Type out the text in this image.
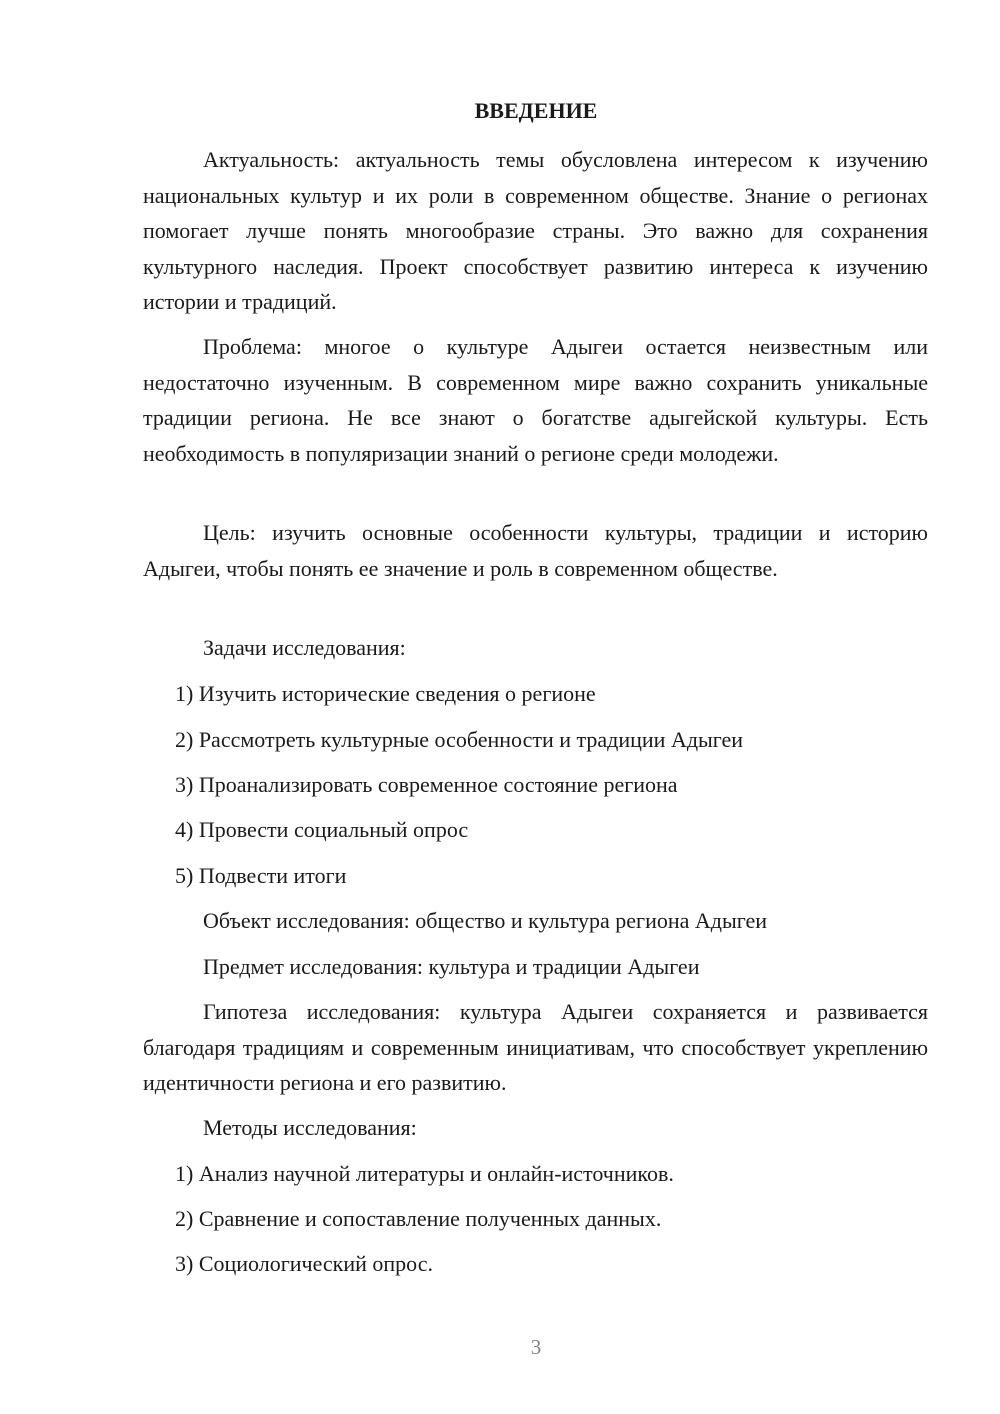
ВВЕДЕНИЕ

Актуальность: актуальность темы обусловлена интересом к изучению национальных культур и их роли в современном обществе. Знание о регионах помогает лучше понять многообразие страны. Это важно для сохранения культурного наследия. Проект способствует развитию интереса к изучению истории и традиций.

Проблема: многое о культуре Адыгеи остается неизвестным или недостаточно изученным. В современном мире важно сохранить уникальные традиции региона. Не все знают о богатстве адыгейской культуры. Есть необходимость в популяризации знаний о регионе среди молодежи.

Цель: изучить основные особенности культуры, традиции и историю Адыгеи, чтобы понять ее значение и роль в современном обществе.

Задачи исследования:

1) Изучить исторические сведения о регионе

2) Рассмотреть культурные особенности и традиции Адыгеи

3) Проанализировать современное состояние региона

4) Провести социальный опрос

5) Подвести итоги

Объект исследования: общество и культура региона Адыгеи

Предмет исследования: культура и традиции Адыгеи

Гипотеза исследования: культура Адыгеи сохраняется и развивается благодаря традициям и современным инициативам, что способствует укреплению идентичности региона и его развитию.

Методы исследования:

1) Анализ научной литературы и онлайн-источников.

2) Сравнение и сопоставление полученных данных.

3) Социологический опрос.

3
